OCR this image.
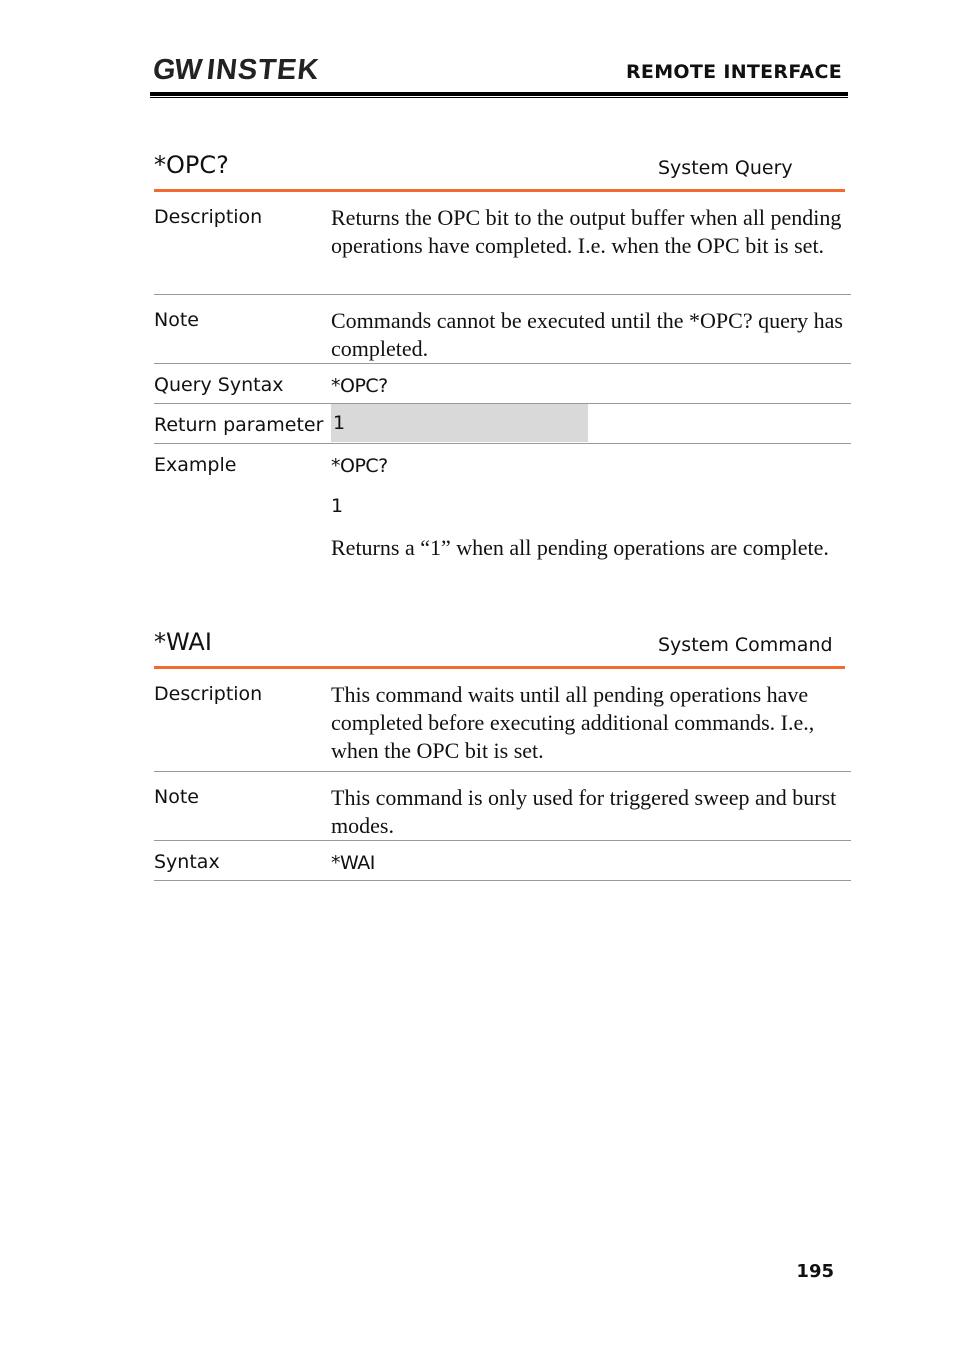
GWINSTEK	REMOTE INTERFACE
*OPC?	System Query
Description	Returns the OPC bit to the output buffer when all pending operations have completed. I.e. when the OPC bit is set.
Note	Commands cannot be executed until the *OPC? query has completed.
Query Syntax	*OPC?
Return parameter 1
Example	*OPC?
1
Returns a “1” when all pending operations are complete.
*WAI	System Command
Description	This command waits until all pending operations have completed before executing additional commands. I.e., when the OPC bit is set.
Note	This command is only used for triggered sweep and burst modes.
Syntax	*WAI
195
